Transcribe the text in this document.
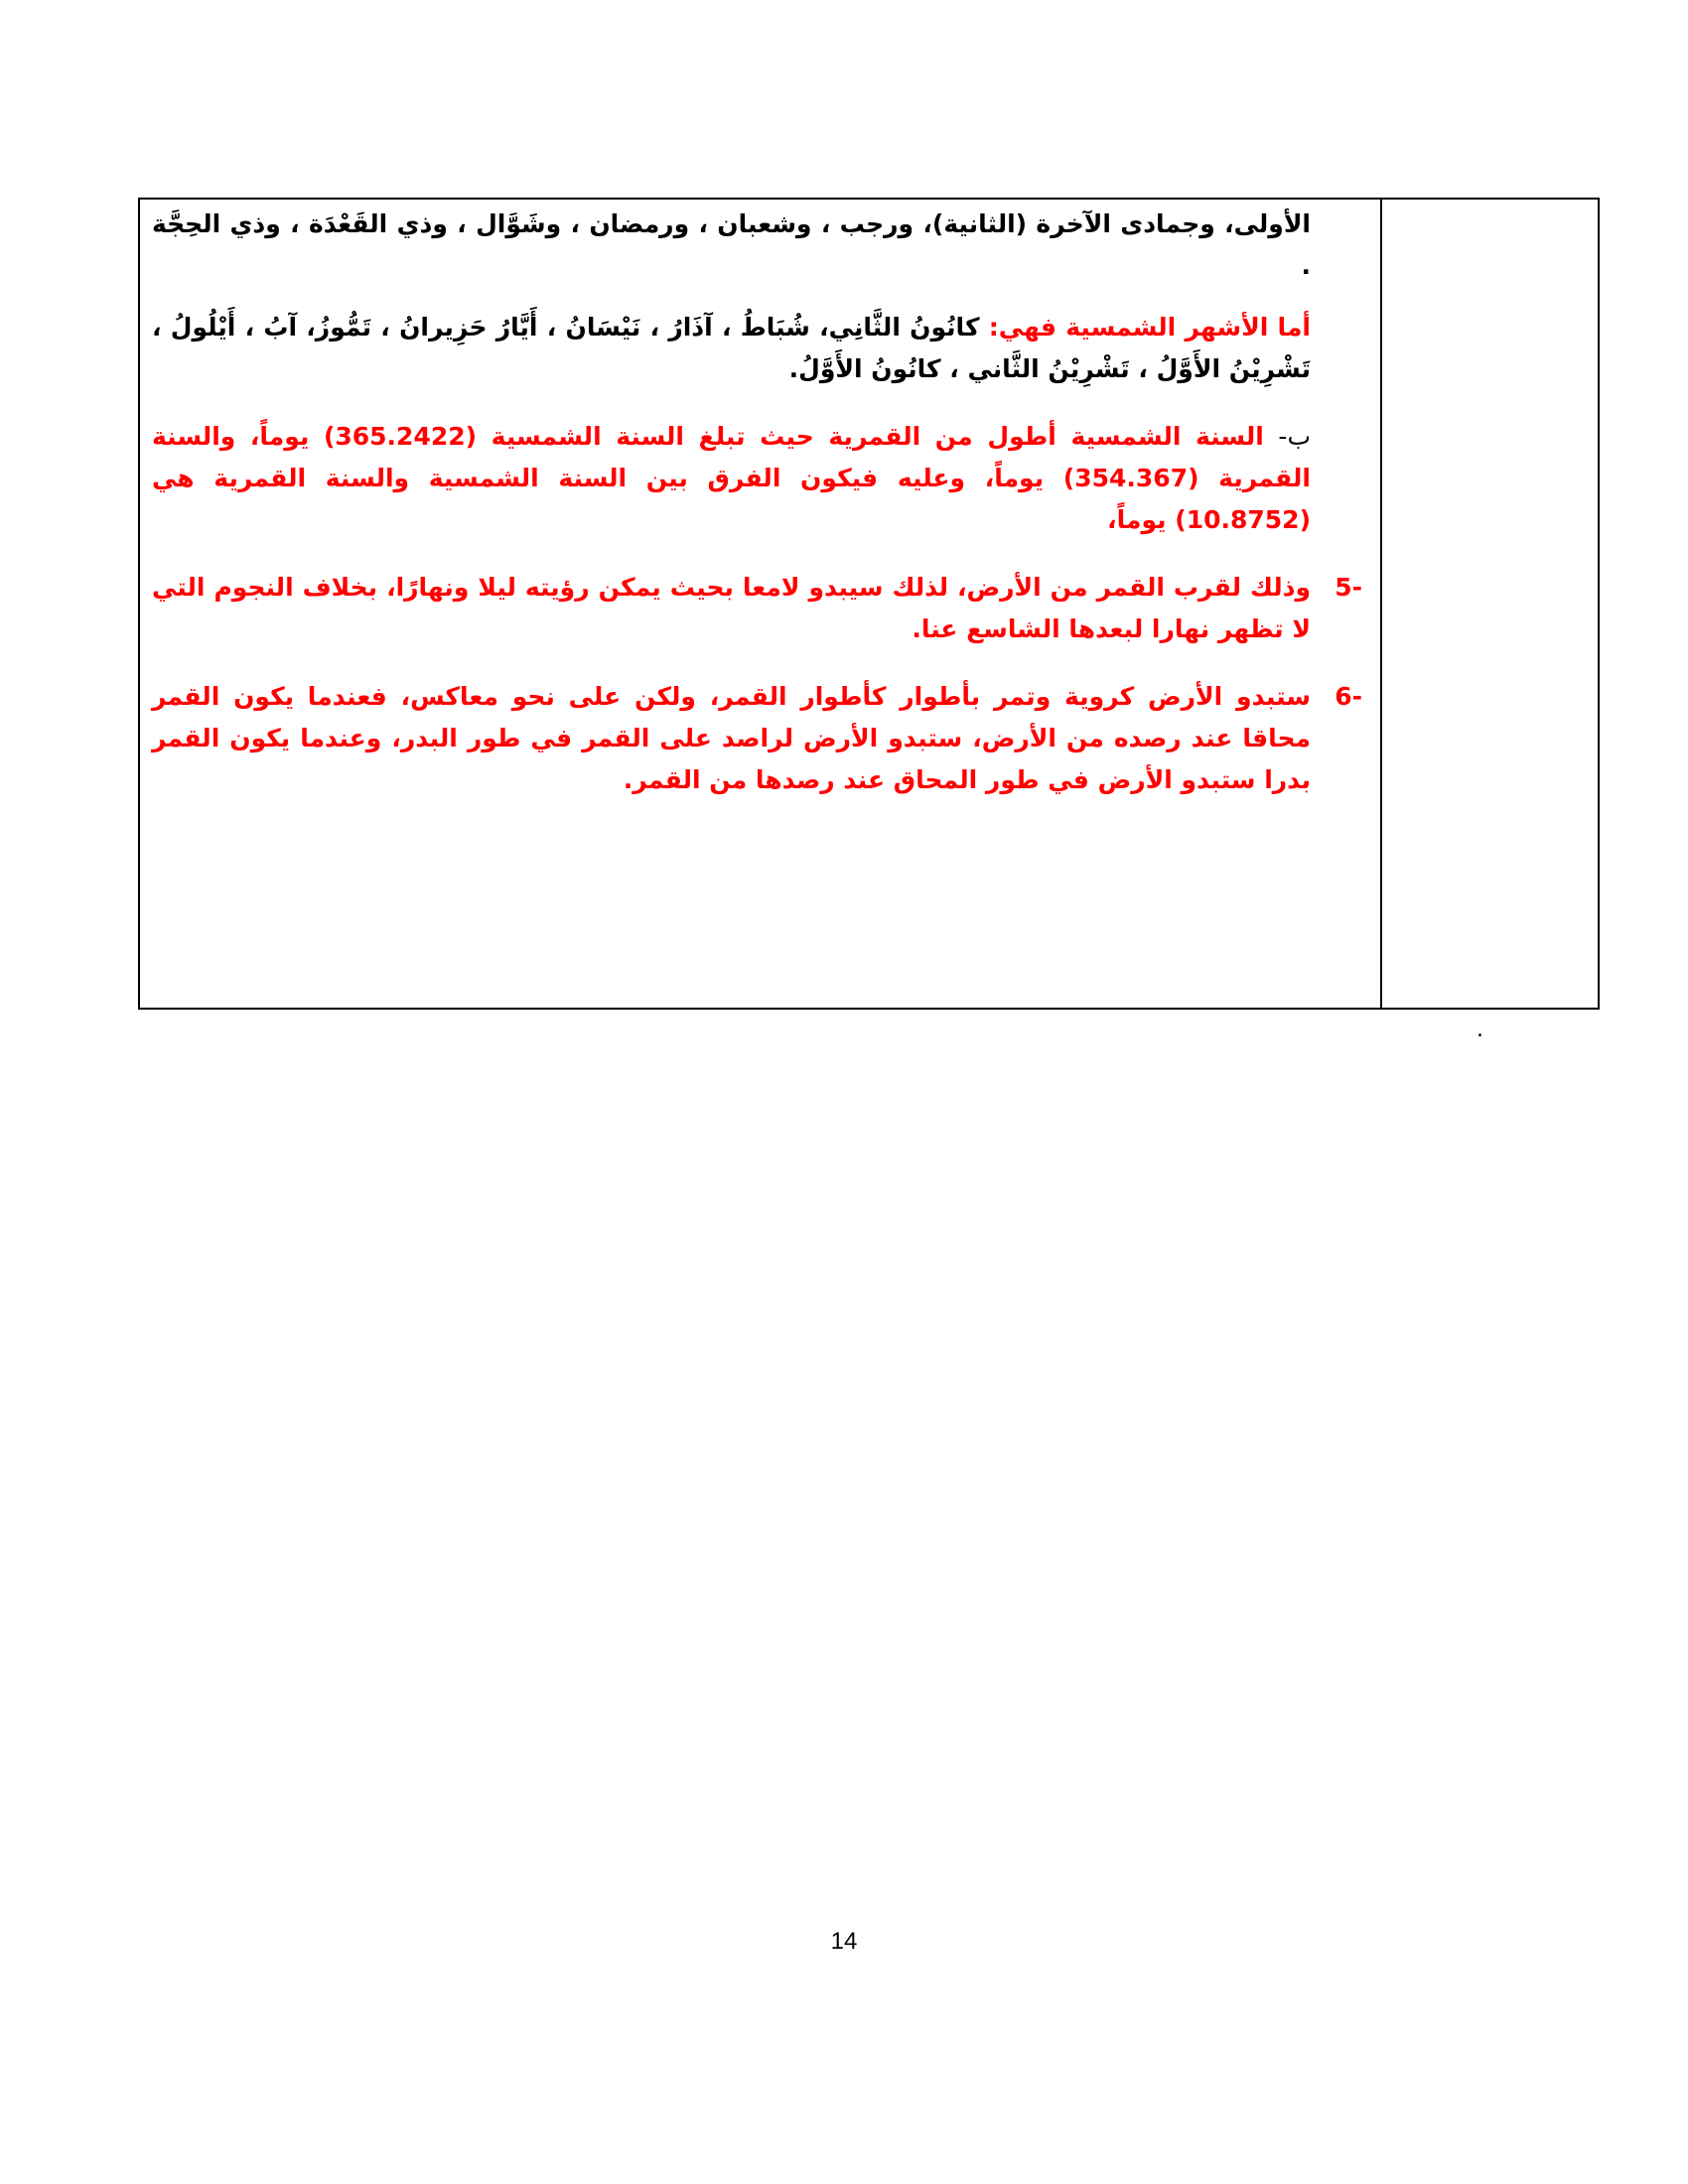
الأولى، وجمادى الآخرة (الثانية)، ورجب ، وشعبان ، ورمضان ، وشَوَّال ، وذي القَعْدَة ، وذي الحِجَّة .

أما الأشهر الشمسية فهي: كانُونُ الثَّانِي، شُبَاطُ ، آذَارُ ، نَيْسَانُ ، أَيَّارُ حَزِيرانُ ، تَمُّوزُ، آبُ ، أَيْلُولُ ، تَشْرِيْنُ الأَوَّلُ ، تَشْرِيْنُ الثَّاني ، كانُونُ الأَوَّلُ.

ب- السنة الشمسية أطول من القمرية حيث تبلغ السنة الشمسية (365.2422) يوماً، والسنة القمرية (354.367) يوماً، وعليه فيكون الفرق بين السنة الشمسية والسنة القمرية هي (10.8752) يوماً،

5-
وذلك لقرب القمر من الأرض، لذلك سيبدو لامعا بحيث يمكن رؤيته ليلا ونهارًا، بخلاف النجوم التي لا تظهر نهارا لبعدها الشاسع عنا.
6-
ستبدو الأرض كروية وتمر بأطوار كأطوار القمر، ولكن على نحو معاكس، فعندما يكون القمر محاقا عند رصده من الأرض، ستبدو الأرض لراصد على القمر في طور البدر، وعندما يكون القمر بدرا ستبدو الأرض في طور المحاق عند رصدها من القمر.
.
14
